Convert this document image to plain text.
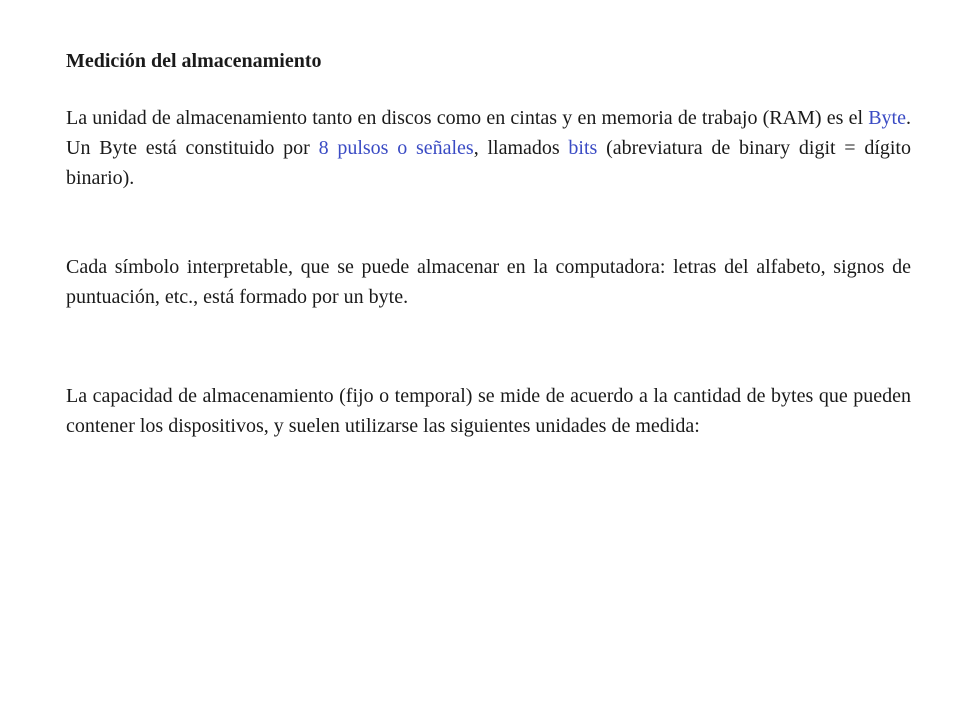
Medición del almacenamiento

La unidad de almacenamiento tanto en discos como en cintas y en memoria de trabajo (RAM) es el Byte. Un Byte está constituido por 8 pulsos o señales, llamados bits (abreviatura de binary digit = dígito binario).

Cada símbolo interpretable, que se puede almacenar en la computadora: letras del alfabeto, signos de puntuación, etc., está formado por un byte.

La capacidad de almacenamiento (fijo o temporal) se mide de acuerdo a la cantidad de bytes que pueden contener los dispositivos, y suelen utilizarse las siguientes unidades de medida:
